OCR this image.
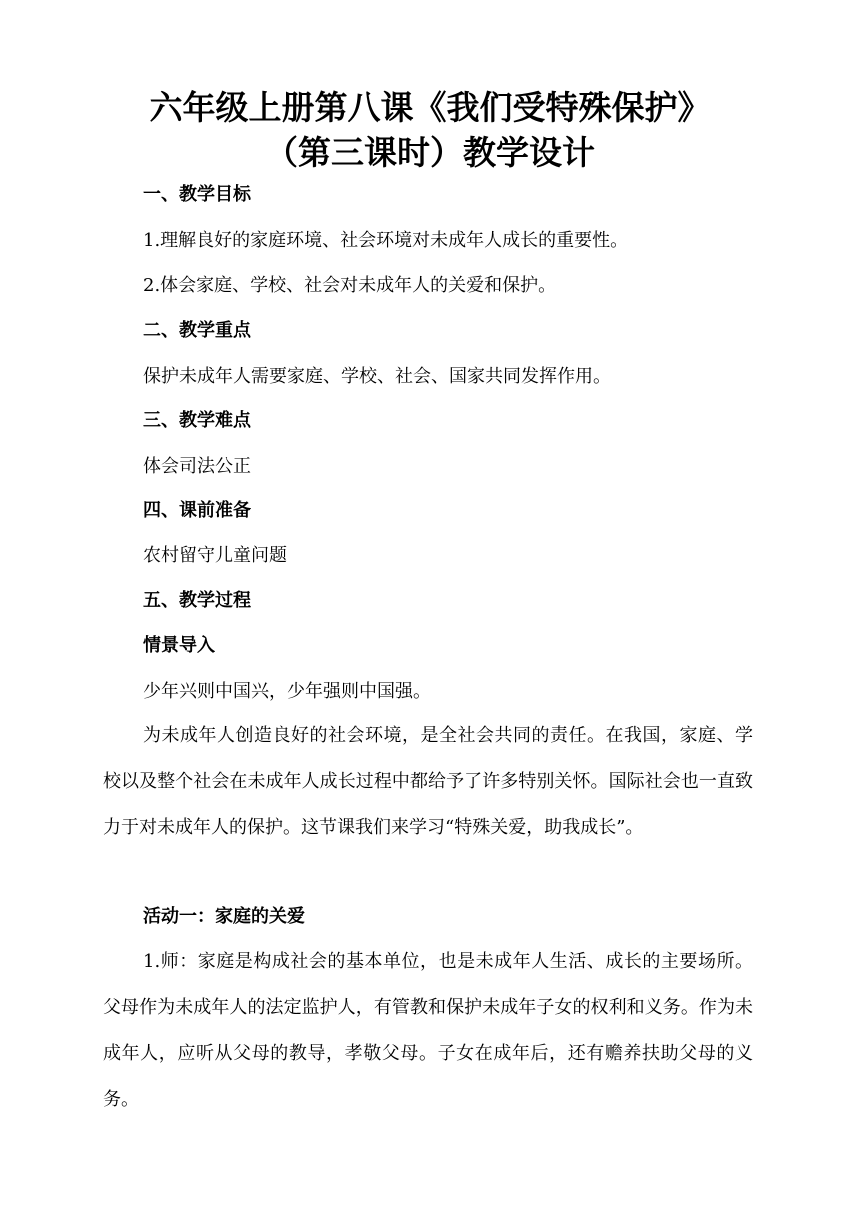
六年级上册第八课《我们受特殊保护》
（第三课时）教学设计
一、教学目标
1.理解良好的家庭环境、社会环境对未成年人成长的重要性。
2.体会家庭、学校、社会对未成年人的关爱和保护。
二、教学重点
保护未成年人需要家庭、学校、社会、国家共同发挥作用。
三、教学难点
体会司法公正
四、课前准备
农村留守儿童问题
五、教学过程
情景导入
少年兴则中国兴，少年强则中国强。
为未成年人创造良好的社会环境，是全社会共同的责任。在我国，家庭、学校以及整个社会在未成年人成长过程中都给予了许多特别关怀。国际社会也一直致力于对未成年人的保护。这节课我们来学习“特殊关爱，助我成长”。
活动一：家庭的关爱
1.师：家庭是构成社会的基本单位，也是未成年人生活、成长的主要场所。父母作为未成年人的法定监护人，有管教和保护未成年子女的权利和义务。作为未成年人，应听从父母的教导，孝敬父母。子女在成年后，还有赡养扶助父母的义务。
